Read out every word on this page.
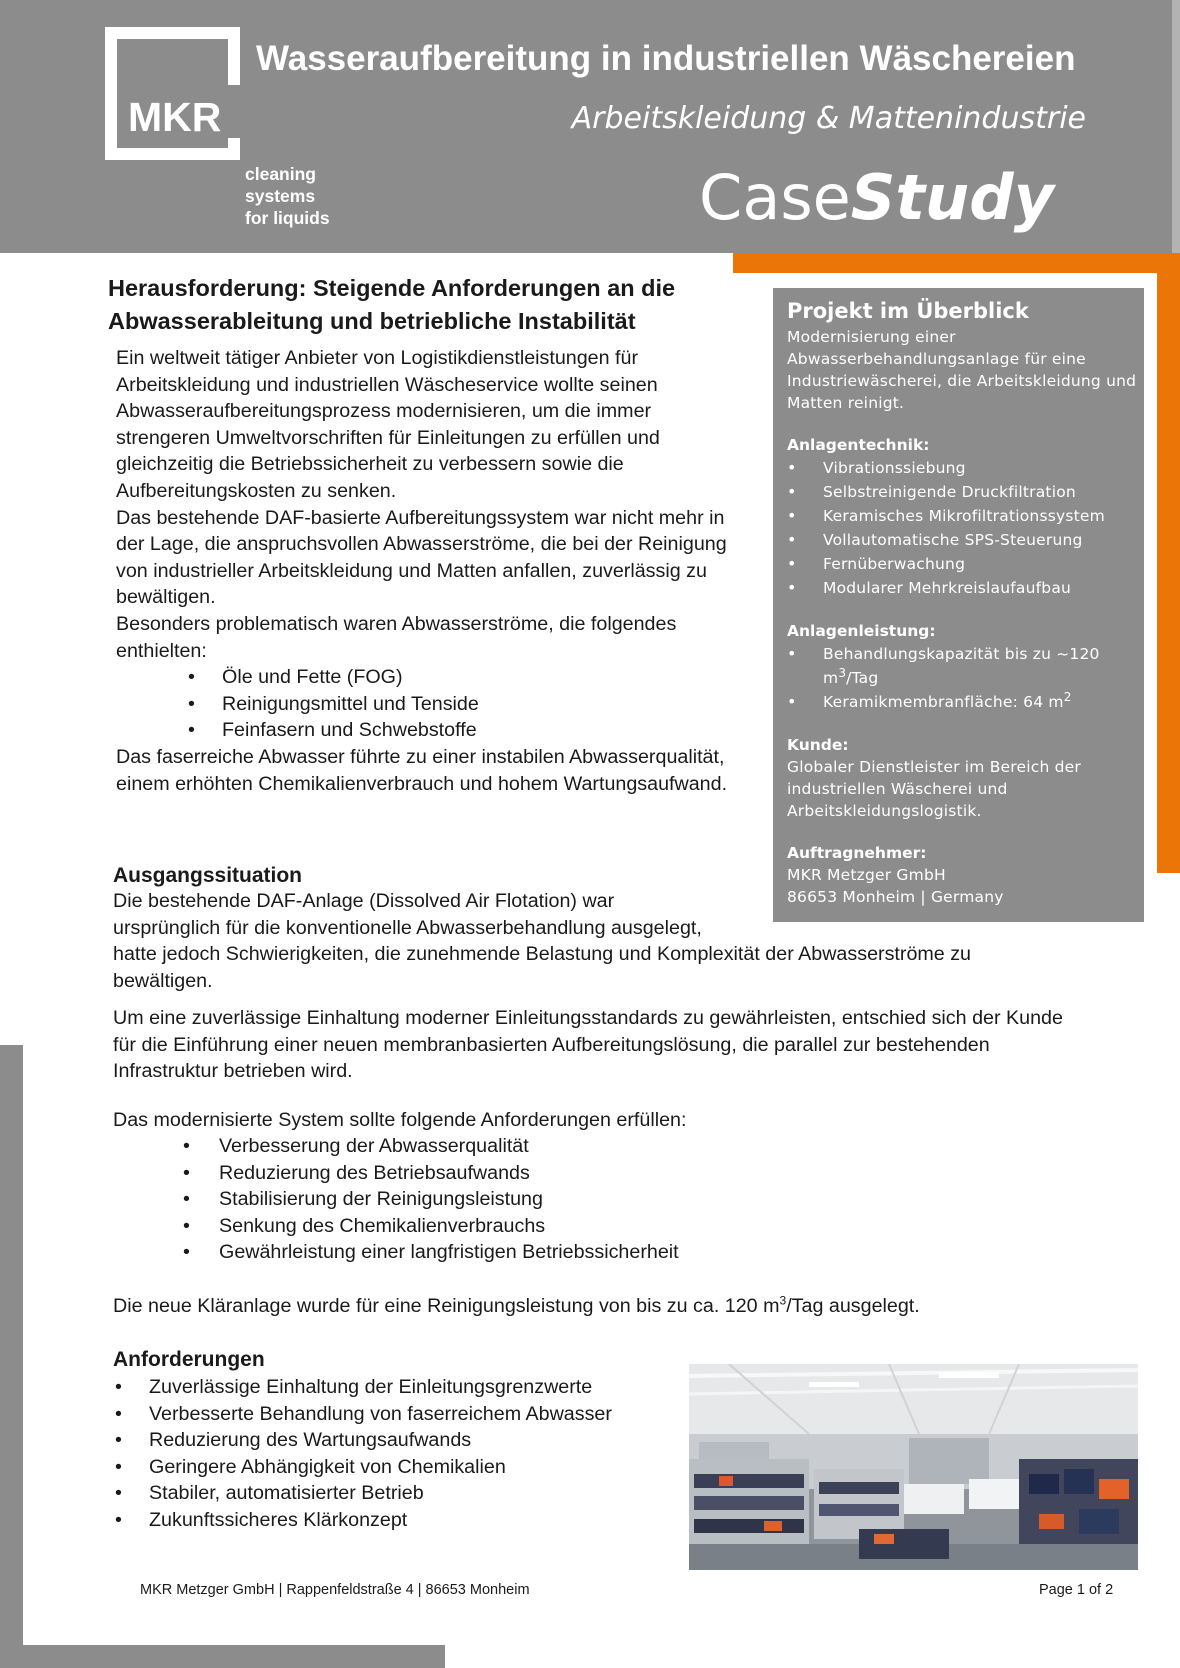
MKR
cleaning
systems
for liquids
Wasseraufbereitung in industriellen Wäschereien
Arbeitskleidung & Mattenindustrie
CaseStudy
Projekt im Überblick
Modernisierung einer Abwasserbehandlungsanlage für eine Industriewäscherei, die Arbeitskleidung und Matten reinigt.
Anlagentechnik:
• Vibrationssiebung
• Selbstreinigende Druckfiltration
• Keramisches Mikrofiltrationssystem
• Vollautomatische SPS-Steuerung
• Fernüberwachung
• Modularer Mehrkreislaufaufbau
Anlagenleistung:
• Behandlungskapazität bis zu ~120 $m^3$/Tag
• Keramikmembranfläche: 64 $m^2$
Kunde:
Globaler Dienstleister im Bereich der industriellen Wäscherei und Arbeitskleidungslogistik.
Auftragnehmer:
MKR Metzger GmbH
86653 Monheim | Germany
Herausforderung: Steigende Anforderungen an die Abwasserableitung und betriebliche Instabilität
Ein weltweit tätiger Anbieter von Logistikdienstleistungen für Arbeitskleidung und industriellen Wäscheservice wollte seinen Abwasseraufbereitungsprozess modernisieren, um die immer strengeren Umweltvorschriften für Einleitungen zu erfüllen und gleichzeitig die Betriebssicherheit zu verbessern sowie die Aufbereitungskosten zu senken.
Das bestehende DAF-basierte Aufbereitungssystem war nicht mehr in der Lage, die anspruchsvollen Abwasserströme, die bei der Reinigung von industrieller Arbeitskleidung und Matten anfallen, zuverlässig zu bewältigen.
Besonders problematisch waren Abwasserströme, die folgendes enthielten:
• Öle und Fette (FOG)
• Reinigungsmittel und Tenside
• Feinfasern und Schwebstoffe
Das faserreiche Abwasser führte zu einer instabilen Abwasserqualität, einem erhöhten Chemikalienverbrauch und hohem Wartungsaufwand.
Ausgangssituation
Die bestehende DAF-Anlage (Dissolved Air Flotation) war
ursprünglich für die konventionelle Abwasserbehandlung ausgelegt,
hatte jedoch Schwierigkeiten, die zunehmende Belastung und Komplexität der Abwasserströme zu bewältigen.
Um eine zuverlässige Einhaltung moderner Einleitungsstandards zu gewährleisten, entschied sich der Kunde für die Einführung einer neuen membranbasierten Aufbereitungslösung, die parallel zur bestehenden Infrastruktur betrieben wird.
Das modernisierte System sollte folgende Anforderungen erfüllen:
• Verbesserung der Abwasserqualität
• Reduzierung des Betriebsaufwands
• Stabilisierung der Reinigungsleistung
• Senkung des Chemikalienverbrauchs
• Gewährleistung einer langfristigen Betriebssicherheit
Die neue Kläranlage wurde für eine Reinigungsleistung von bis zu ca. 120 $m^3$/Tag ausgelegt.
Anforderungen
• Zuverlässige Einhaltung der Einleitungsgrenzwerte
• Verbesserte Behandlung von faserreichem Abwasser
• Reduzierung des Wartungsaufwands
• Geringere Abhängigkeit von Chemikalien
• Stabiler, automatisierter Betrieb
• Zukunftssicheres Klärkonzept
MKR Metzger GmbH | Rappenfeldstraße 4 | 86653 Monheim	Page 1 of 2
